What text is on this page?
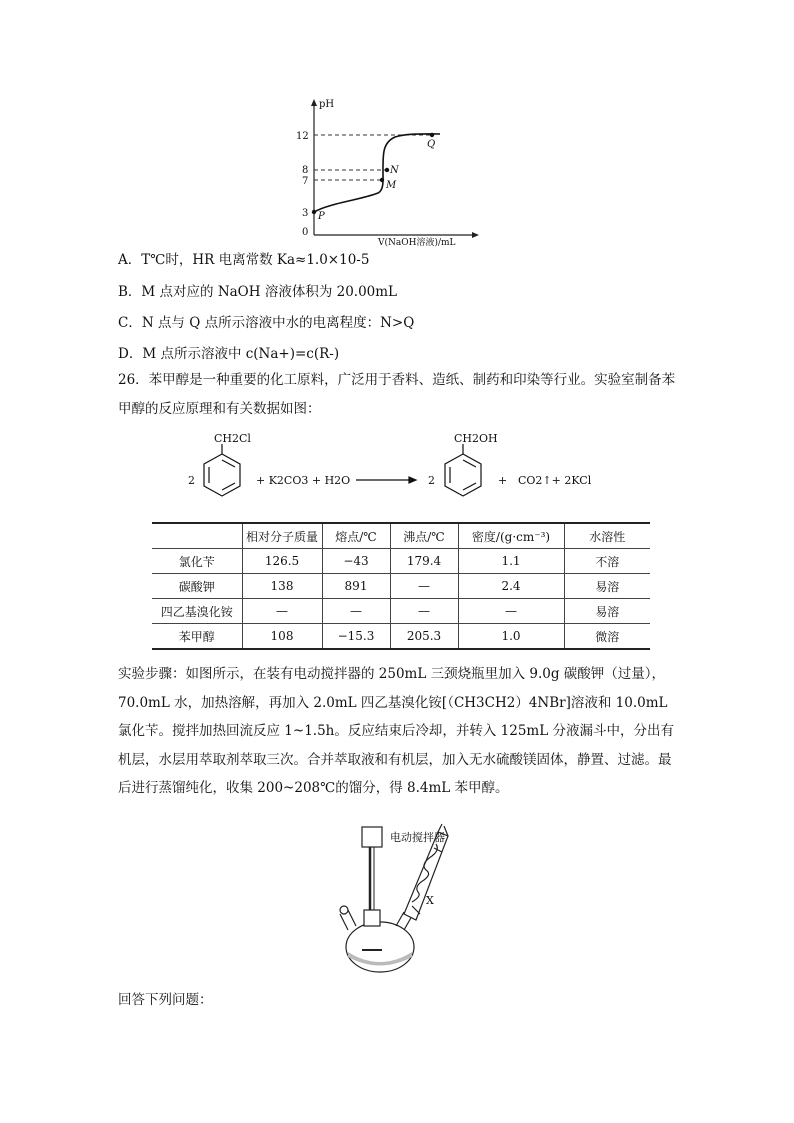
pH
12
8
7
3
0
Q
N
M
P
V(NaOH溶液)/mL
A．T℃时，HR 电离常数 Ka≈1.0×10-5
B．M 点对应的 NaOH 溶液体积为 20.00mL
C．N 点与 Q 点所示溶液中水的电离程度：N>Q
D．M 点所示溶液中 c(Na+)=c(R-)
26．苯甲醇是一种重要的化工原料，广泛用于香料、造纸、制药和印染等行业。实验室制备苯甲醇的反应原理和有关数据如图：
2
CH2Cl
+ K2CO3 + H2O	2
CH2OH
+ CO2↑+ 2KCl
	相对分子质量	熔点/℃	沸点/℃	密度/(g·cm⁻³)	水溶性
氯化苄	126.5	−43	179.4	1.1	不溶
碳酸钾	138	891	—	2.4	易溶
四乙基溴化铵	—	—	—	—	易溶
苯甲醇	108	−15.3	205.3	1.0	微溶
实验步骤：如图所示，在装有电动搅拌器的 250mL 三颈烧瓶里加入 9.0g 碳酸钾（过量），70.0mL 水，加热溶解，再加入 2.0mL 四乙基溴化铵[（CH3CH2）4NBr]溶液和 10.0mL 氯化苄。搅拌加热回流反应 1~1.5h。反应结束后冷却，并转入 125mL 分液漏斗中，分出有机层，水层用萃取剂萃取三次。合并萃取液和有机层，加入无水硫酸镁固体，静置、过滤。最后进行蒸馏纯化，收集 200~208℃的馏分，得 8.4mL 苯甲醇。
电动搅拌器
X
回答下列问题：
